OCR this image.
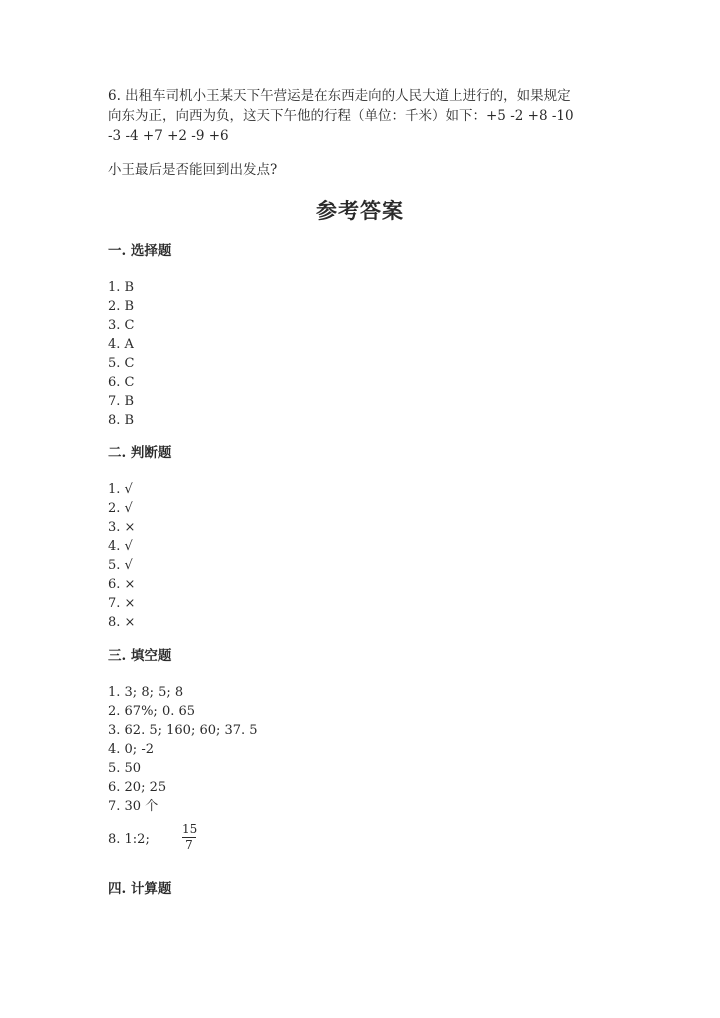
6. 出租车司机小王某天下午营运是在东西走向的人民大道上进行的，如果规定
向东为正，向西为负，这天下午他的行程（单位：千米）如下：+5 -2 +8 -10
-3 -4 +7 +2 -9 +6
小王最后是否能回到出发点?
参考答案
一. 选择题
1. B
2. B
3. C
4. A
5. C
6. C
7. B
8. B
二. 判断题
1. √
2. √
3. ×
4. √
5. √
6. ×
7. ×
8. ×
三. 填空题
1. 3; 8; 5; 8
2. 67%; 0. 65
3. 62. 5; 160; 60; 37. 5
4. 0; -2
5. 50
6. 20; 25
7. 30 个
8. 1:2;	$\frac{15}{7}$
四. 计算题
